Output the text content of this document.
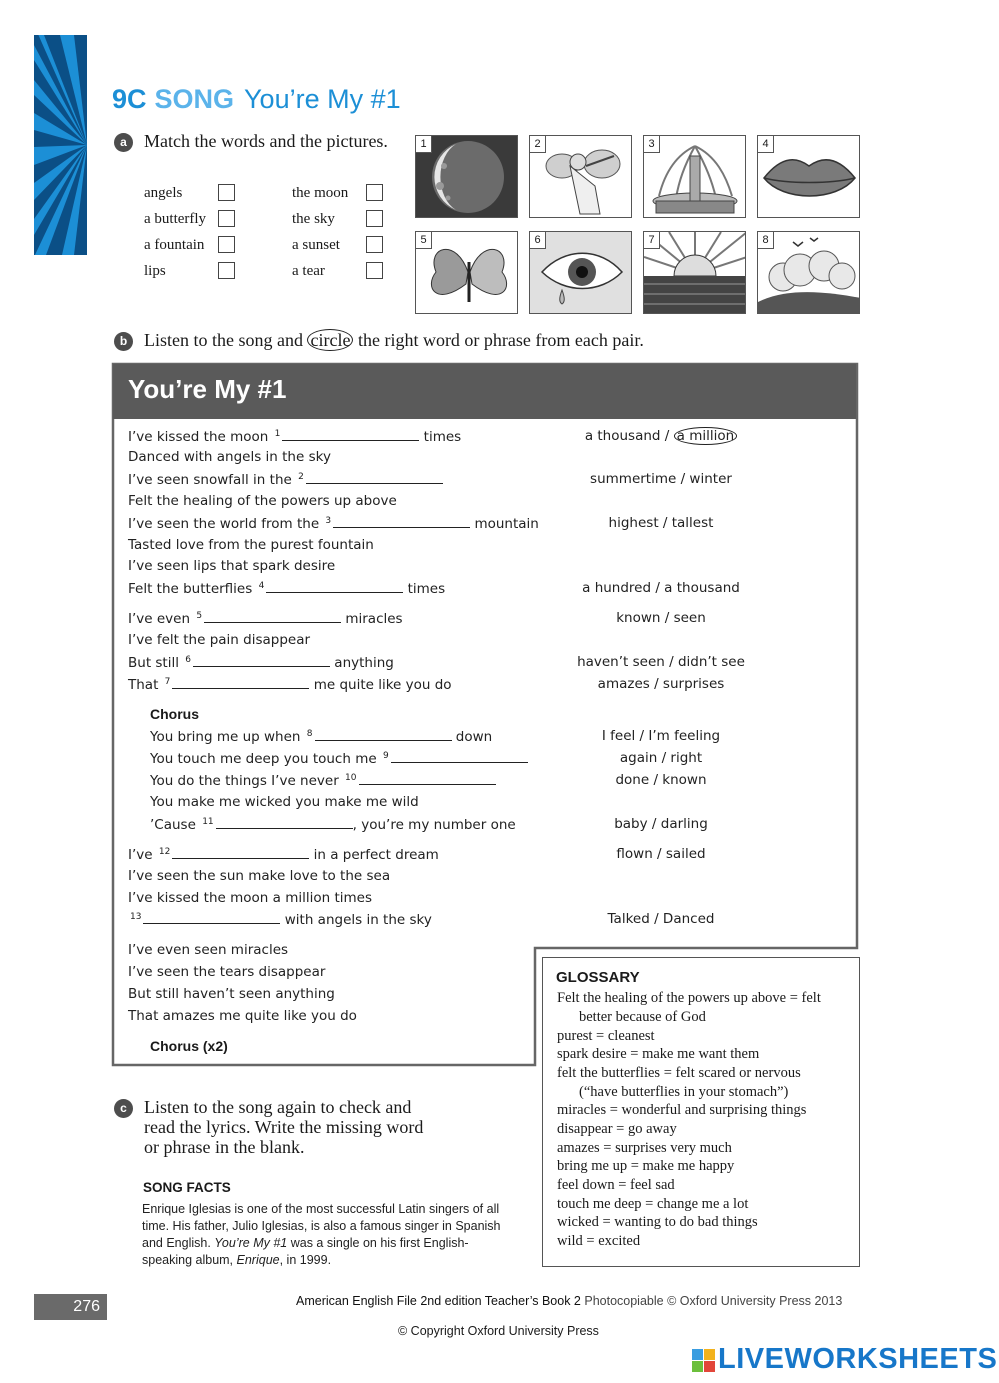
9C SONG You’re My #1
a Match the words and the pictures.
angels
a butterfly
a fountain
lips
the moon
the sky
a sunset
a tear
1	2	3	4
5	6	7	8
b Listen to the song and circle the right word or phrase from each pair.
You’re My #1
I’ve kissed the moon $^1$	times	a thousand / a million
Danced with angels in the sky
I’ve seen snowfall in the $^2$	summertime / winter
Felt the healing of the powers up above
I’ve seen the world from the $^3$	mountain	highest / tallest
Tasted love from the purest fountain
I’ve seen lips that spark desire
Felt the butterflies $^4$	times	a hundred / a thousand
I’ve even $^5$	miracles	known / seen
I’ve felt the pain disappear
But still $^6$	anything	haven’t seen / didn’t see
That $^7$	me quite like you do	amazes / surprises
You bring me up when $^8$	down	I feel / I’m feeling
You touch me deep you touch me $^9$	again / right
You do the things I’ve never $^{10}$	done / known
You make me wicked you make me wild
’Cause $^{11}$	, you’re my number one	baby / darling
I’ve $^{12}$	in a perfect dream	flown / sailed
I’ve seen the sun make love to the sea
I’ve kissed the moon a million times
$^{13}$	with angels in the sky	Talked / Danced
I’ve even seen miracles
I’ve seen the tears disappear
But still haven’t seen anything
That amazes me quite like you do
Chorus
Chorus (x2)
GLOSSARY
Felt the healing of the powers up above = felt
better because of God
purest = cleanest
spark desire = make me want them
felt the butterflies = felt scared or nervous
(“have butterflies in your stomach”)
miracles = wonderful and surprising things
disappear = go away
amazes = surprises very much
bring me up = make me happy
feel down = feel sad
touch me deep = change me a lot
wicked = wanting to do bad things
wild = excited
c Listen to the song again to check and
read the lyrics. Write the missing word
or phrase in the blank.
SONG FACTS
Enrique Iglesias is one of the most successful Latin singers of all
time. His father, Julio Iglesias, is also a famous singer in Spanish
and English. You’re My #1 was a single on his first English-
speaking album, Enrique, in 1999.
276	American English File 2nd edition Teacher’s Book 2 Photocopiable © Oxford University Press 2013
© Copyright Oxford University Press
LIVEWORKSHEETS
